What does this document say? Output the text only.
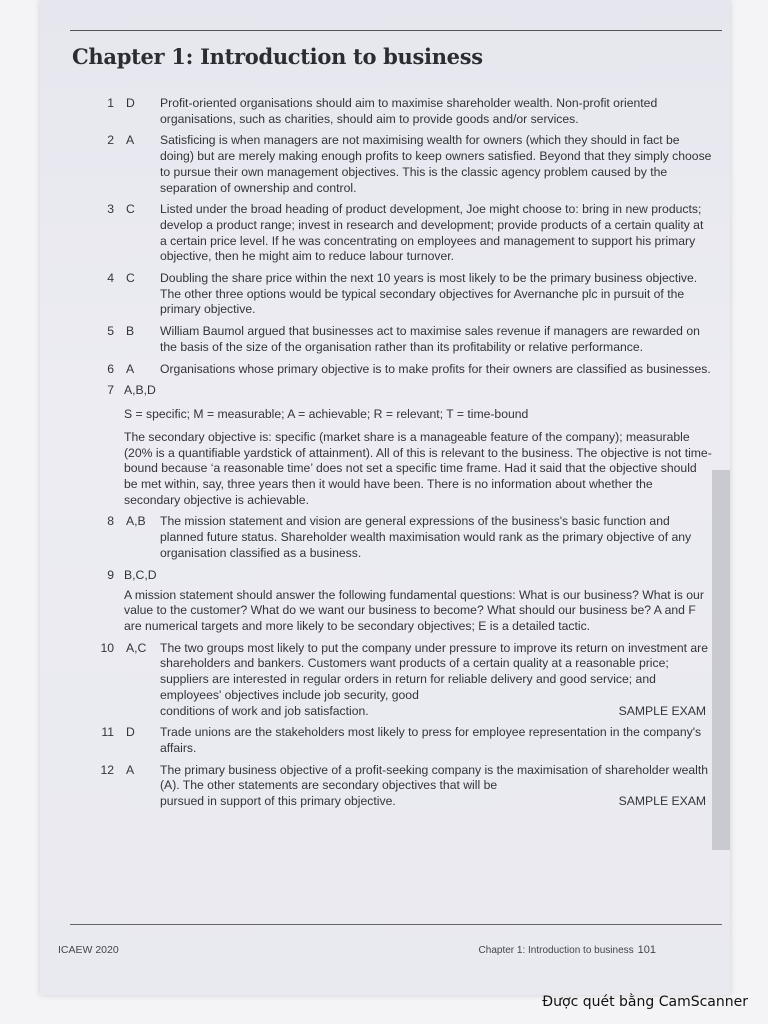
Chapter 1: Introduction to business
1 D	Profit-oriented organisations should aim to maximise shareholder wealth. Non-profit oriented organisations, such as charities, should aim to provide goods and/or services.

2 A	Satisficing is when managers are not maximising wealth for owners (which they should in fact be doing) but are merely making enough profits to keep owners satisfied. Beyond that they simply choose to pursue their own management objectives. This is the classic agency problem caused by the separation of ownership and control.

3 C	Listed under the broad heading of product development, Joe might choose to: bring in new products; develop a product range; invest in research and development; provide products of a certain quality at a certain price level. If he was concentrating on employees and management to support his primary objective, then he might aim to reduce labour turnover.

4 C	Doubling the share price within the next 10 years is most likely to be the primary business objective. The other three options would be typical secondary objectives for Avernanche plc in pursuit of the primary objective.

5 B	William Baumol argued that businesses act to maximise sales revenue if managers are rewarded on the basis of the size of the organisation rather than its profitability or relative performance.

6 A	Organisations whose primary objective is to make profits for their owners are classified as businesses.

7 A,B,D

S = specific; M = measurable; A = achievable; R = relevant; T = time-bound

The secondary objective is: specific (market share is a manageable feature of the company); measurable (20% is a quantifiable yardstick of attainment). All of this is relevant to the business. The objective is not time-bound because ‘a reasonable time’ does not set a specific time frame. Had it said that the objective should be met within, say, three years then it would have been. There is no information about whether the secondary objective is achievable.

8 A,B	The mission statement and vision are general expressions of the business's basic function and planned future status. Shareholder wealth maximisation would rank as the primary objective of any organisation classified as a business.

9 B,C,D

A mission statement should answer the following fundamental questions: What is our business? What is our value to the customer? What do we want our business to become? What should our business be? A and F are numerical targets and more likely to be secondary objectives; E is a detailed tactic.

10 A,C	The two groups most likely to put the company under pressure to improve its return on investment are shareholders and bankers. Customers want products of a certain quality at a reasonable price; suppliers are interested in regular orders in return for reliable delivery and good service; and employees' objectives include job security, good

conditions of work and job satisfaction.	SAMPLE EXAM
11 D	Trade unions are the stakeholders most likely to press for employee representation in the company's affairs.

12 A	The primary business objective of a profit-seeking company is the maximisation of shareholder wealth (A). The other statements are secondary objectives that will be

pursued in support of this primary objective.	SAMPLE EXAM
ICAEW 2020	Chapter 1: Introduction to business 101
Được quét bằng CamScanner
